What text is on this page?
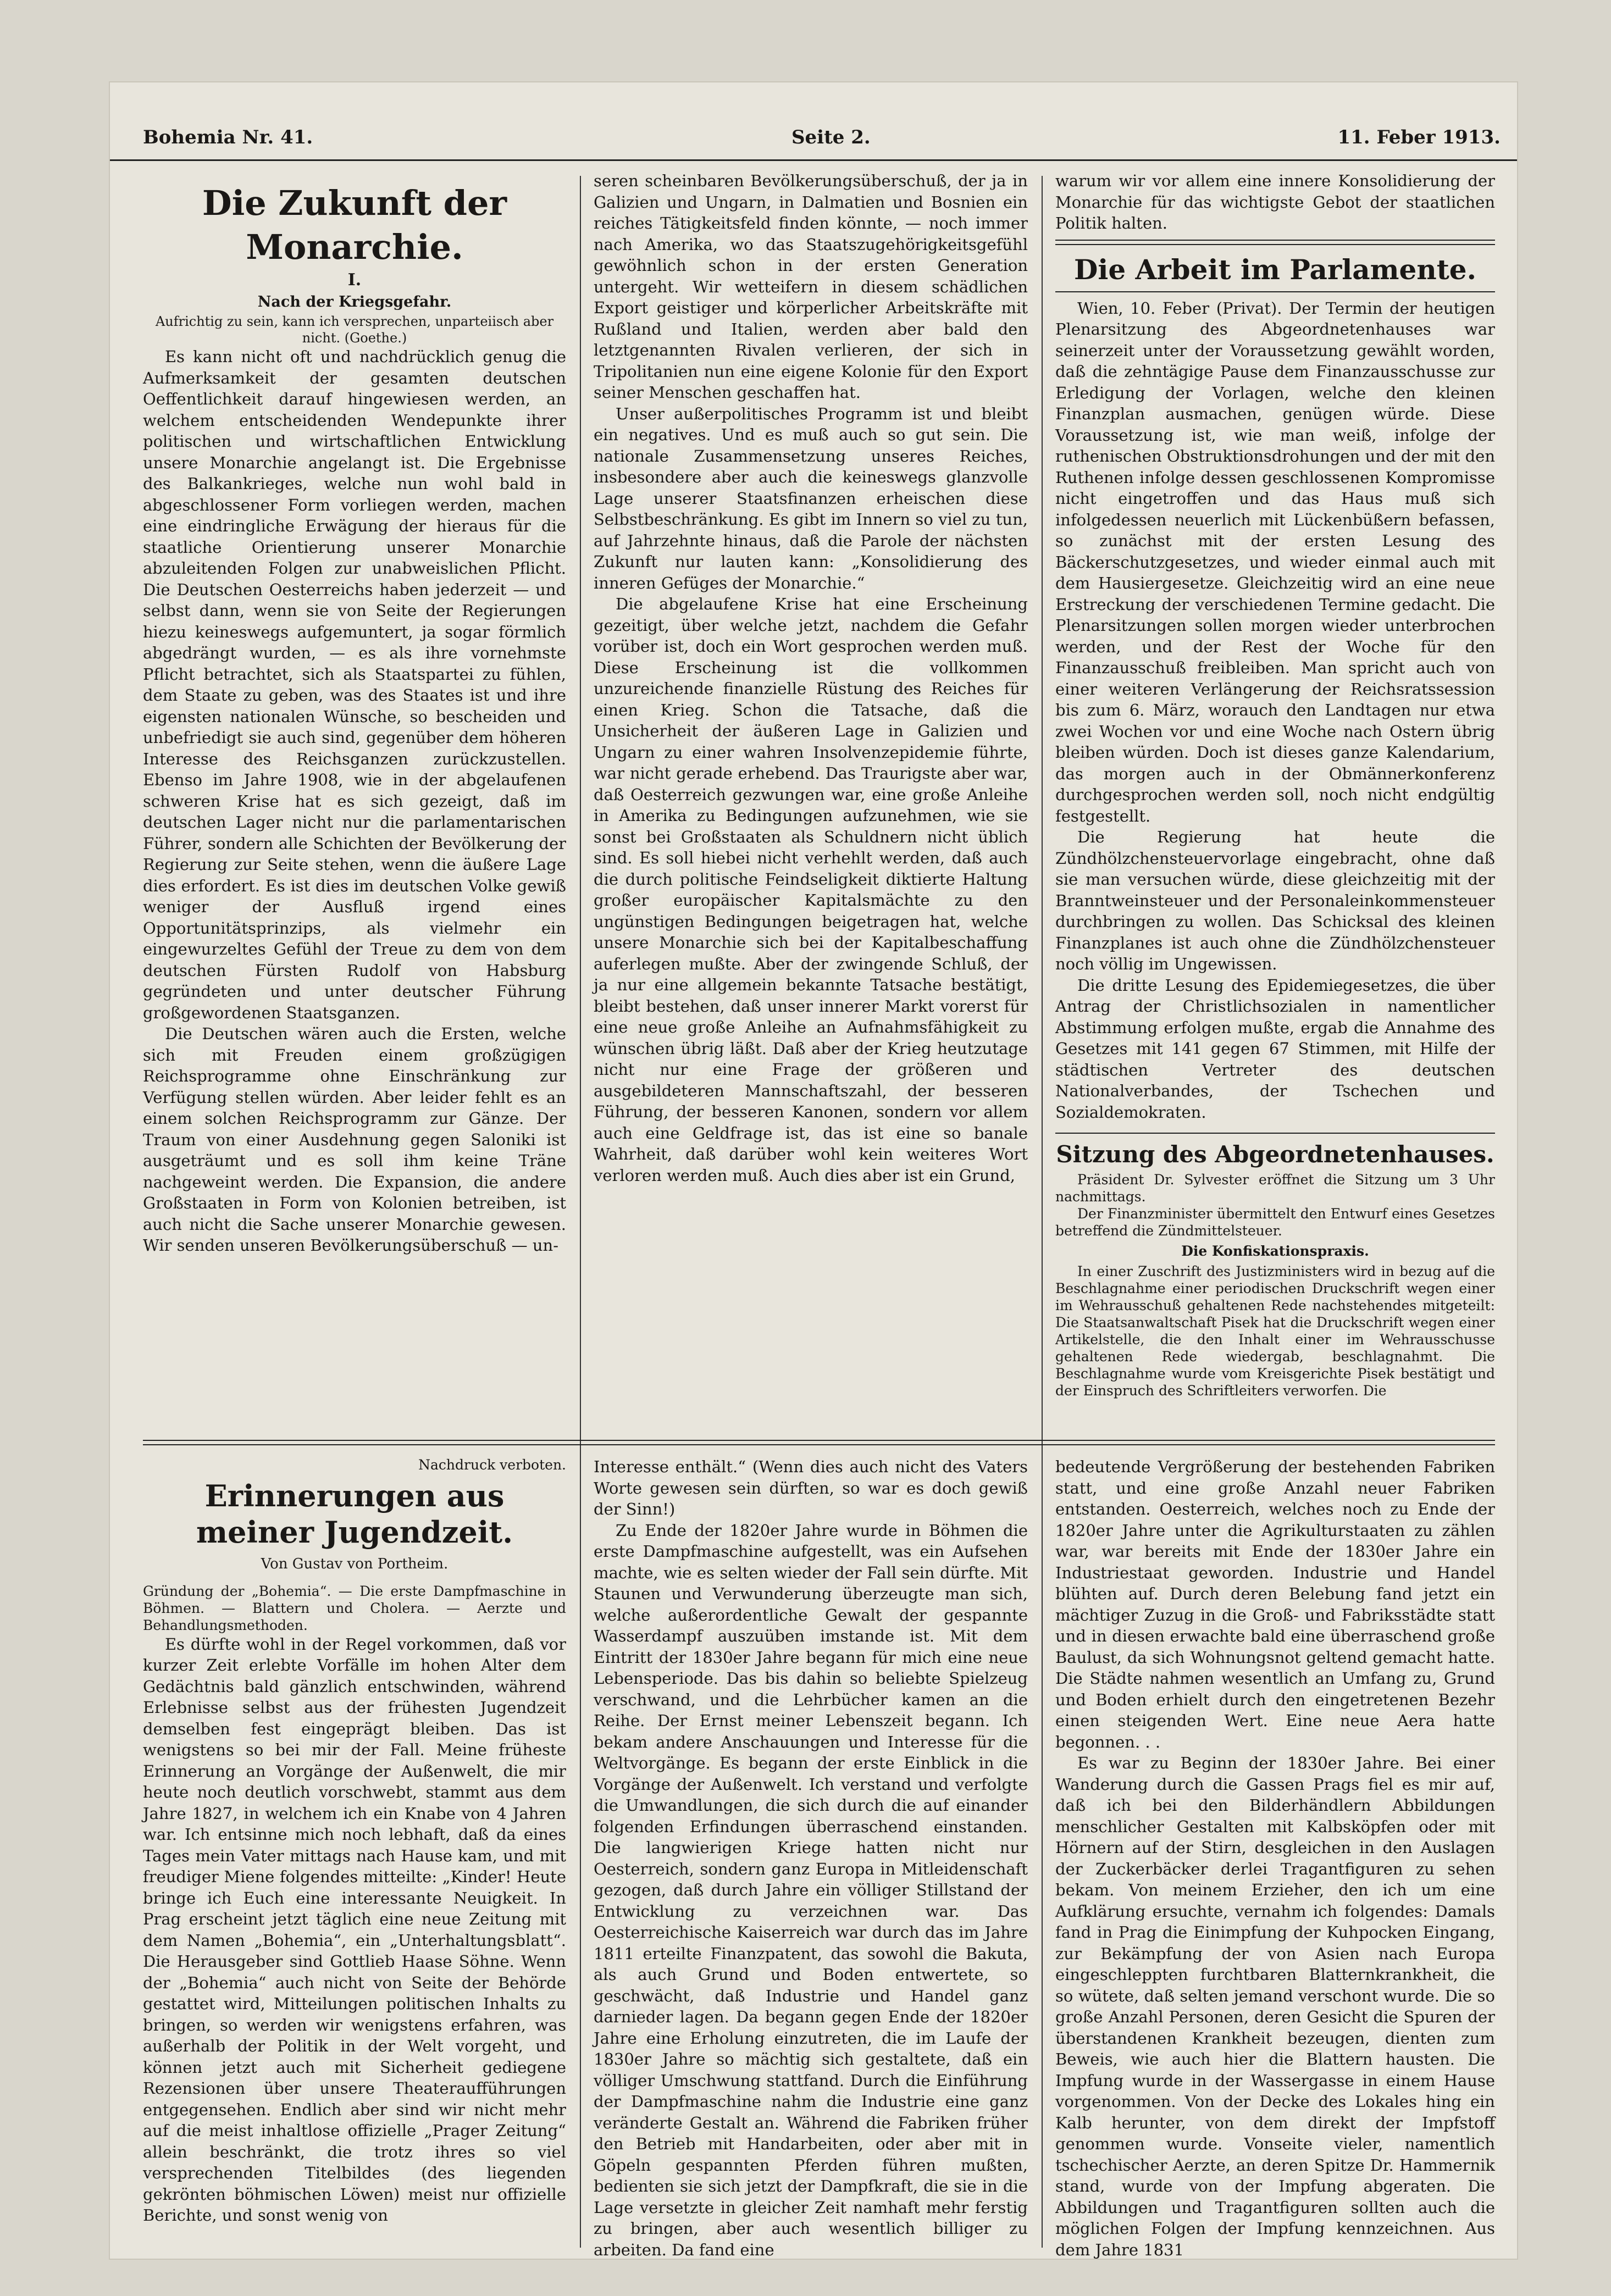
Bohemia Nr. 41.	Seite 2.	11. Feber 1913.
Die Zukunft der Monarchie.
I.
Nach der Kriegsgefahr.

Aufrichtig zu sein, kann ich versprechen, unparteiisch aber nicht. (Goethe.)

Es kann nicht oft und nachdrücklich genug die Aufmerksamkeit der gesamten deutschen Oeffentlichkeit darauf hingewiesen werden, an welchem entscheidenden Wendepunkte ihrer politischen und wirtschaftlichen Entwicklung unsere Monarchie angelangt ist. Die Ergebnisse des Balkankrieges, welche nun wohl bald in abgeschlossener Form vorliegen werden, machen eine eindringliche Erwägung der hieraus für die staatliche Orientierung unserer Monarchie abzuleitenden Folgen zur unabweislichen Pflicht. Die Deutschen Oesterreichs haben jederzeit — und selbst dann, wenn sie von Seite der Regierungen hiezu keineswegs aufgemuntert, ja sogar förmlich abgedrängt wurden, — es als ihre vornehmste Pflicht betrachtet, sich als Staatspartei zu fühlen, dem Staate zu geben, was des Staates ist und ihre eigensten nationalen Wünsche, so bescheiden und unbefriedigt sie auch sind, gegenüber dem höheren Interesse des Reichsganzen zurückzustellen. Ebenso im Jahre 1908, wie in der abgelaufenen schweren Krise hat es sich gezeigt, daß im deutschen Lager nicht nur die parlamentarischen Führer, sondern alle Schichten der Bevölkerung der Regierung zur Seite stehen, wenn die äußere Lage dies erfordert. Es ist dies im deutschen Volke gewiß weniger der Ausfluß irgend eines Opportunitätsprinzips, als vielmehr ein eingewurzeltes Gefühl der Treue zu dem von dem deutschen Fürsten Rudolf von Habsburg gegründeten und unter deutscher Führung großgewordenen Staatsganzen.

Die Deutschen wären auch die Ersten, welche sich mit Freuden einem großzügigen Reichsprogramme ohne Einschränkung zur Verfügung stellen würden. Aber leider fehlt es an einem solchen Reichsprogramm zur Gänze. Der Traum von einer Ausdehnung gegen Saloniki ist ausgeträumt und es soll ihm keine Träne nachgeweint werden. Die Expansion, die andere Großstaaten in Form von Kolonien betreiben, ist auch nicht die Sache unserer Monarchie gewesen. Wir senden unseren Bevölkerungsüberschuß — un-

seren scheinbaren Bevölkerungsüberschuß, der ja in Galizien und Ungarn, in Dalmatien und Bosnien ein reiches Tätigkeitsfeld finden könnte, — noch immer nach Amerika, wo das Staatszugehörigkeitsgefühl gewöhnlich schon in der ersten Generation untergeht. Wir wetteifern in diesem schädlichen Export geistiger und körperlicher Arbeitskräfte mit Rußland und Italien, werden aber bald den letztgenannten Rivalen verlieren, der sich in Tripolitanien nun eine eigene Kolonie für den Export seiner Menschen geschaffen hat.

Unser außerpolitisches Programm ist und bleibt ein negatives. Und es muß auch so gut sein. Die nationale Zusammensetzung unseres Reiches, insbesondere aber auch die keineswegs glanzvolle Lage unserer Staatsfinanzen erheischen diese Selbstbeschränkung. Es gibt im Innern so viel zu tun, auf Jahrzehnte hinaus, daß die Parole der nächsten Zukunft nur lauten kann: „Konsolidierung des inneren Gefüges der Monarchie.“

Die abgelaufene Krise hat eine Erscheinung gezeitigt, über welche jetzt, nachdem die Gefahr vorüber ist, doch ein Wort gesprochen werden muß. Diese Erscheinung ist die vollkommen unzureichende finanzielle Rüstung des Reiches für einen Krieg. Schon die Tatsache, daß die Unsicherheit der äußeren Lage in Galizien und Ungarn zu einer wahren Insolvenzepidemie führte, war nicht gerade erhebend. Das Traurigste aber war, daß Oesterreich gezwungen war, eine große Anleihe in Amerika zu Bedingungen aufzunehmen, wie sie sonst bei Großstaaten als Schuldnern nicht üblich sind. Es soll hiebei nicht verhehlt werden, daß auch die durch politische Feindseligkeit diktierte Haltung großer europäischer Kapitalsmächte zu den ungünstigen Bedingungen beigetragen hat, welche unsere Monarchie sich bei der Kapitalbeschaffung auferlegen mußte. Aber der zwingende Schluß, der ja nur eine allgemein bekannte Tatsache bestätigt, bleibt bestehen, daß unser innerer Markt vorerst für eine neue große Anleihe an Aufnahmsfähigkeit zu wünschen übrig läßt. Daß aber der Krieg heutzutage nicht nur eine Frage der größeren und ausgebildeteren Mannschaftszahl, der besseren Führung, der besseren Kanonen, sondern vor allem auch eine Geldfrage ist, das ist eine so banale Wahrheit, daß darüber wohl kein weiteres Wort verloren werden muß. Auch dies aber ist ein Grund,

warum wir vor allem eine innere Konsolidierung der Monarchie für das wichtigste Gebot der staatlichen Politik halten.

Die Arbeit im Parlamente.

Wien, 10. Feber (Privat). Der Termin der heutigen Plenarsitzung des Abgeordnetenhauses war seinerzeit unter der Voraussetzung gewählt worden, daß die zehntägige Pause dem Finanzausschusse zur Erledigung der Vorlagen, welche den kleinen Finanzplan ausmachen, genügen würde. Diese Voraussetzung ist, wie man weiß, infolge der ruthenischen Obstruktionsdrohungen und der mit den Ruthenen infolge dessen geschlossenen Kompromisse nicht eingetroffen und das Haus muß sich infolgedessen neuerlich mit Lückenbüßern befassen, so zunächst mit der ersten Lesung des Bäckerschutzgesetzes, und wieder einmal auch mit dem Hausiergesetze. Gleichzeitig wird an eine neue Erstreckung der verschiedenen Termine gedacht. Die Plenarsitzungen sollen morgen wieder unterbrochen werden, und der Rest der Woche für den Finanzausschuß freibleiben. Man spricht auch von einer weiteren Verlängerung der Reichsratssession bis zum 6. März, worauch den Landtagen nur etwa zwei Wochen vor und eine Woche nach Ostern übrig bleiben würden. Doch ist dieses ganze Kalendarium, das morgen auch in der Obmännerkonferenz durchgesprochen werden soll, noch nicht endgültig festgestellt.

Die Regierung hat heute die Zündhölzchensteuervorlage eingebracht, ohne daß sie man versuchen würde, diese gleichzeitig mit der Branntweinsteuer und der Personaleinkommensteuer durchbringen zu wollen. Das Schicksal des kleinen Finanzplanes ist auch ohne die Zündhölzchensteuer noch völlig im Ungewissen.

Die dritte Lesung des Epidemiegesetzes, die über Antrag der Christlichsozialen in namentlicher Abstimmung erfolgen mußte, ergab die Annahme des Gesetzes mit 141 gegen 67 Stimmen, mit Hilfe der städtischen Vertreter des deutschen Nationalverbandes, der Tschechen und Sozialdemokraten.

Sitzung des Abgeordnetenhauses.

Präsident Dr. Sylvester eröffnet die Sitzung um 3 Uhr nachmittags.

Der Finanzminister übermittelt den Entwurf eines Gesetzes betreffend die Zündmittelsteuer.

Die Konfiskationspraxis.

In einer Zuschrift des Justizministers wird in bezug auf die Beschlagnahme einer periodischen Druckschrift wegen einer im Wehrausschuß gehaltenen Rede nachstehendes mitgeteilt: Die Staatsanwaltschaft Pisek hat die Druckschrift wegen einer Artikelstelle, die den Inhalt einer im Wehrausschusse gehaltenen Rede wiedergab, beschlagnahmt. Die Beschlagnahme wurde vom Kreisgerichte Pisek bestätigt und der Einspruch des Schriftleiters verworfen. Die

Nachdruck verboten.
Erinnerungen aus meiner Jugendzeit.
Von Gustav von Portheim.

Gründung der „Bohemia“. — Die erste Dampfmaschine in Böhmen. — Blattern und Cholera. — Aerzte und Behandlungsmethoden.

Es dürfte wohl in der Regel vorkommen, daß vor kurzer Zeit erlebte Vorfälle im hohen Alter dem Gedächtnis bald gänzlich entschwinden, während Erlebnisse selbst aus der frühesten Jugendzeit demselben fest eingeprägt bleiben. Das ist wenigstens so bei mir der Fall. Meine früheste Erinnerung an Vorgänge der Außenwelt, die mir heute noch deutlich vorschwebt, stammt aus dem Jahre 1827, in welchem ich ein Knabe von 4 Jahren war. Ich entsinne mich noch lebhaft, daß da eines Tages mein Vater mittags nach Hause kam, und mit freudiger Miene folgendes mitteilte: „Kinder! Heute bringe ich Euch eine interessante Neuigkeit. In Prag erscheint jetzt täglich eine neue Zeitung mit dem Namen „Bohemia“, ein „Unterhaltungsblatt“. Die Herausgeber sind Gottlieb Haase Söhne. Wenn der „Bohemia“ auch nicht von Seite der Behörde gestattet wird, Mitteilungen politischen Inhalts zu bringen, so werden wir wenigstens erfahren, was außerhalb der Politik in der Welt vorgeht, und können jetzt auch mit Sicherheit gediegene Rezensionen über unsere Theateraufführungen entgegensehen. Endlich aber sind wir nicht mehr auf die meist inhaltlose offizielle „Prager Zeitung“ allein beschränkt, die trotz ihres so viel versprechenden Titelbildes (des liegenden gekrönten böhmischen Löwen) meist nur offizielle Berichte, und sonst wenig von

Interesse enthält.“ (Wenn dies auch nicht des Vaters Worte gewesen sein dürften, so war es doch gewiß der Sinn!)

Zu Ende der 1820er Jahre wurde in Böhmen die erste Dampfmaschine aufgestellt, was ein Aufsehen machte, wie es selten wieder der Fall sein dürfte. Mit Staunen und Verwunderung überzeugte man sich, welche außerordentliche Gewalt der gespannte Wasserdampf auszuüben imstande ist. Mit dem Eintritt der 1830er Jahre begann für mich eine neue Lebensperiode. Das bis dahin so beliebte Spielzeug verschwand, und die Lehrbücher kamen an die Reihe. Der Ernst meiner Lebenszeit begann. Ich bekam andere Anschauungen und Interesse für die Weltvorgänge. Es begann der erste Einblick in die Vorgänge der Außenwelt. Ich verstand und verfolgte die Umwandlungen, die sich durch die auf einander folgenden Erfindungen überraschend einstanden. Die langwierigen Kriege hatten nicht nur Oesterreich, sondern ganz Europa in Mitleidenschaft gezogen, daß durch Jahre ein völliger Stillstand der Entwicklung zu verzeichnen war. Das Oesterreichische Kaiserreich war durch das im Jahre 1811 erteilte Finanzpatent, das sowohl die Bakuta, als auch Grund und Boden entwertete, so geschwächt, daß Industrie und Handel ganz darnieder lagen. Da begann gegen Ende der 1820er Jahre eine Erholung einzutreten, die im Laufe der 1830er Jahre so mächtig sich gestaltete, daß ein völliger Umschwung stattfand. Durch die Einführung der Dampfmaschine nahm die Industrie eine ganz veränderte Gestalt an. Während die Fabriken früher den Betrieb mit Handarbeiten, oder aber mit in Göpeln gespannten Pferden führen mußten, bedienten sie sich jetzt der Dampfkraft, die sie in die Lage versetzte in gleicher Zeit namhaft mehr ferstig zu bringen, aber auch wesentlich billiger zu arbeiten. Da fand eine

bedeutende Vergrößerung der bestehenden Fabriken statt, und eine große Anzahl neuer Fabriken entstanden. Oesterreich, welches noch zu Ende der 1820er Jahre unter die Agrikulturstaaten zu zählen war, war bereits mit Ende der 1830er Jahre ein Industriestaat geworden. Industrie und Handel blühten auf. Durch deren Belebung fand jetzt ein mächtiger Zuzug in die Groß- und Fabriksstädte statt und in diesen erwachte bald eine überraschend große Baulust, da sich Wohnungsnot geltend gemacht hatte. Die Städte nahmen wesentlich an Umfang zu, Grund und Boden erhielt durch den eingetretenen Bezehr einen steigenden Wert. Eine neue Aera hatte begonnen. . .

Es war zu Beginn der 1830er Jahre. Bei einer Wanderung durch die Gassen Prags fiel es mir auf, daß ich bei den Bilderhändlern Abbildungen menschlicher Gestalten mit Kalbsköpfen oder mit Hörnern auf der Stirn, desgleichen in den Auslagen der Zuckerbäcker derlei Tragantfiguren zu sehen bekam. Von meinem Erzieher, den ich um eine Aufklärung ersuchte, vernahm ich folgendes: Damals fand in Prag die Einimpfung der Kuhpocken Eingang, zur Bekämpfung der von Asien nach Europa eingeschleppten furchtbaren Blatternkrankheit, die so wütete, daß selten jemand verschont wurde. Die so große Anzahl Personen, deren Gesicht die Spuren der überstandenen Krankheit bezeugen, dienten zum Beweis, wie auch hier die Blattern hausten. Die Impfung wurde in der Wassergasse in einem Hause vorgenommen. Von der Decke des Lokales hing ein Kalb herunter, von dem direkt der Impfstoff genommen wurde. Vonseite vieler, namentlich tschechischer Aerzte, an deren Spitze Dr. Hammernik stand, wurde von der Impfung abgeraten. Die Abbildungen und Tragantfiguren sollten auch die möglichen Folgen der Impfung kennzeichnen. Aus dem Jahre 1831
